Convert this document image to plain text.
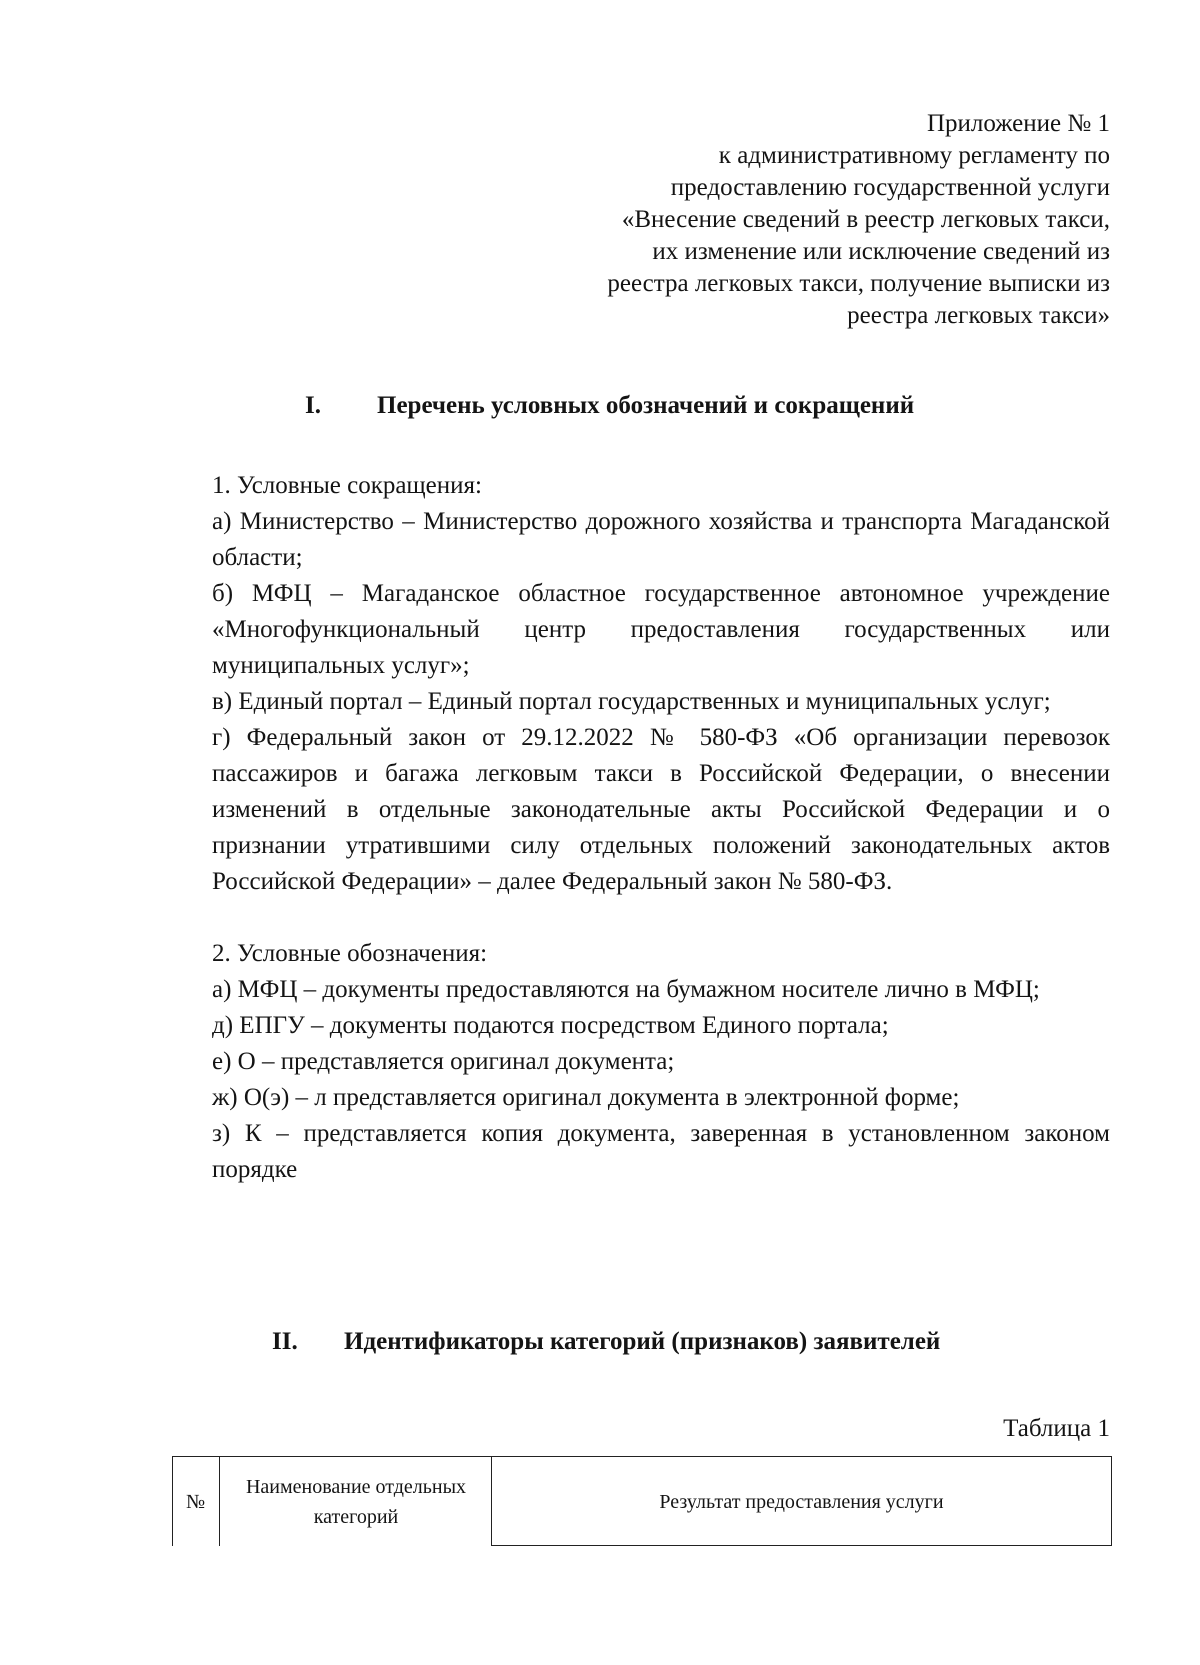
Приложение № 1
к административному регламенту по
предоставлению государственной услуги
«Внесение сведений в реестр легковых такси,
их изменение или исключение сведений из
реестра легковых такси, получение выписки из
реестра легковых такси»
I. Перечень условных обозначений и сокращений

1. Условные сокращения:

а) Министерство – Министерство дорожного хозяйства и транспорта Магаданской области;

б) МФЦ – Магаданское областное государственное автономное учреждение «Многофункциональный центр предоставления государственных или муниципальных услуг»;

в) Единый портал – Единый портал государственных и муниципальных услуг;

г) Федеральный закон от 29.12.2022 № 580-ФЗ «Об организации перевозок пассажиров и багажа легковым такси в Российской Федерации, о внесении изменений в отдельные законодательные акты Российской Федерации и о признании утратившими силу отдельных положений законодательных актов Российской Федерации» – далее Федеральный закон № 580-ФЗ.

2. Условные обозначения:

а) МФЦ – документы предоставляются на бумажном носителе лично в МФЦ;

д) ЕПГУ – документы подаются посредством Единого портала;

е) О – представляется оригинал документа;

ж) О(э) – л представляется оригинал документа в электронной форме;

з) К – представляется копия документа, заверенная в установленном законом порядке

II. Идентификаторы категорий (признаков) заявителей
Таблица 1
№
Наименование отдельных категорий
Результат предоставления услуги
